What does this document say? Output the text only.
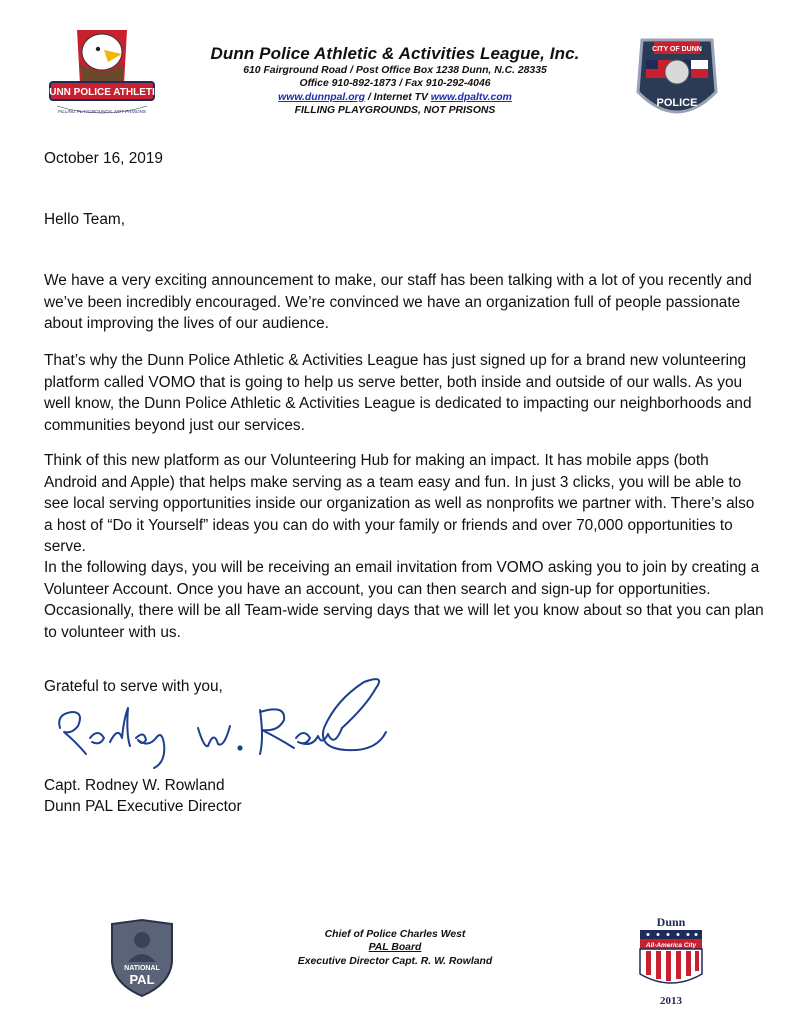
DUNN POLICE ATHLETIC
FILLING PLAYGROUNDS, NOT PRISONS
Dunn Police Athletic & Activities League, Inc.
610 Fairground Road / Post Office Box 1238 Dunn, N.C. 28335
Office 910-892-1873 / Fax 910-292-4046
www.dunnpal.org / Internet TV www.dpaltv.com
FILLING PLAYGROUNDS, NOT PRISONS
CITY OF DUNN
POLICE
October 16, 2019
Hello Team,

We have a very exciting announcement to make, our staff has been talking with a lot of you recently and we’ve been incredibly encouraged. We’re convinced we have an organization full of people passionate about improving the lives of our audience.

That’s why the Dunn Police Athletic & Activities League has just signed up for a brand new volunteering platform called VOMO that is going to help us serve better, both inside and outside of our walls. As you well know, the Dunn Police Athletic & Activities League is dedicated to impacting our neighborhoods and communities beyond just our services.

Think of this new platform as our Volunteering Hub for making an impact. It has mobile apps (both Android and Apple) that helps make serving as a team easy and fun. In just 3 clicks, you will be able to see local serving opportunities inside our organization as well as nonprofits we partner with. There’s also a host of “Do it Yourself” ideas you can do with your family or friends and over 70,000 opportunities to serve.

In the following days, you will be receiving an email invitation from VOMO asking you to join by creating a Volunteer Account. Once you have an account, you can then search and sign-up for opportunities. Occasionally, there will be all Team-wide serving days that we will let you know about so that you can plan to volunteer with us.

Grateful to serve with you,
Capt. Rodney W. Rowland
Dunn PAL Executive Director
NATIONAL
PAL
Chief of Police Charles West
PAL Board
Executive Director Capt. R. W. Rowland
Dunn
All-America City
2013
